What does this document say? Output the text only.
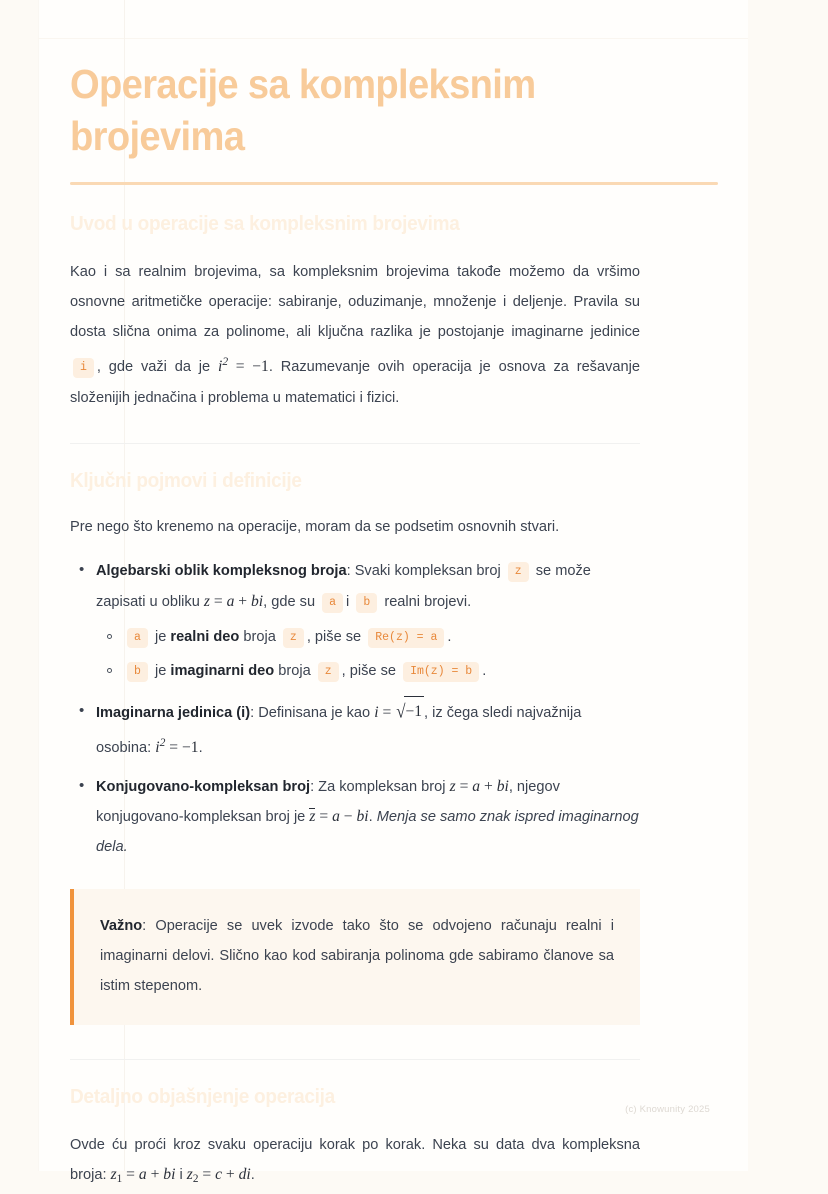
Operacije sa kompleksnim brojevima
Uvod u operacije sa kompleksnim brojevima

Kao i sa realnim brojevima, sa kompleksnim brojevima takođe možemo da vršimo osnovne aritmetičke operacije: sabiranje, oduzimanje, množenje i deljenje. Pravila su dosta slična onima za polinome, ali ključna razlika je postojanje imaginarne jedinice i , gde važi da je $i^2 = -1$. Razumevanje ovih operacija je osnova za rešavanje složenijih jednačina i problema u matematici i fizici.

Ključni pojmovi i definicije

Pre nego što krenemo na operacije, moram da se podsetim osnovnih stvari.

• Algebarski oblik kompleksnog broja: Svaki kompleksan broj z se može zapisati u obliku z = a + bi, gde su a i b realni brojevi.
a je realni deo broja z , piše se Re(z) = a .
b je imaginarni deo broja z , piše se Im(z) = b .
• Imaginarna jedinica (i): Definisana je kao i = √−1 , iz čega sledi najvažnija osobina: $i^2 = -1$.
• Konjugovano-kompleksan broj: Za kompleksan broj z = a + bi, njegov konjugovano-kompleksan broj je z = a − bi. Menja se samo znak ispred imaginarnog dela.

Važno: Operacije se uvek izvode tako što se odvojeno računaju realni i imaginarni delovi. Slično kao kod sabiranja polinoma gde sabiramo članove sa istim stepenom.

Detaljno objašnjenje operacija

Ovde ću proći kroz svaku operaciju korak po korak. Neka su data dva kompleksna broja: $z_1 = a$ + bi i $z_2 = c$ + di.

(c) Knowunity 2025
